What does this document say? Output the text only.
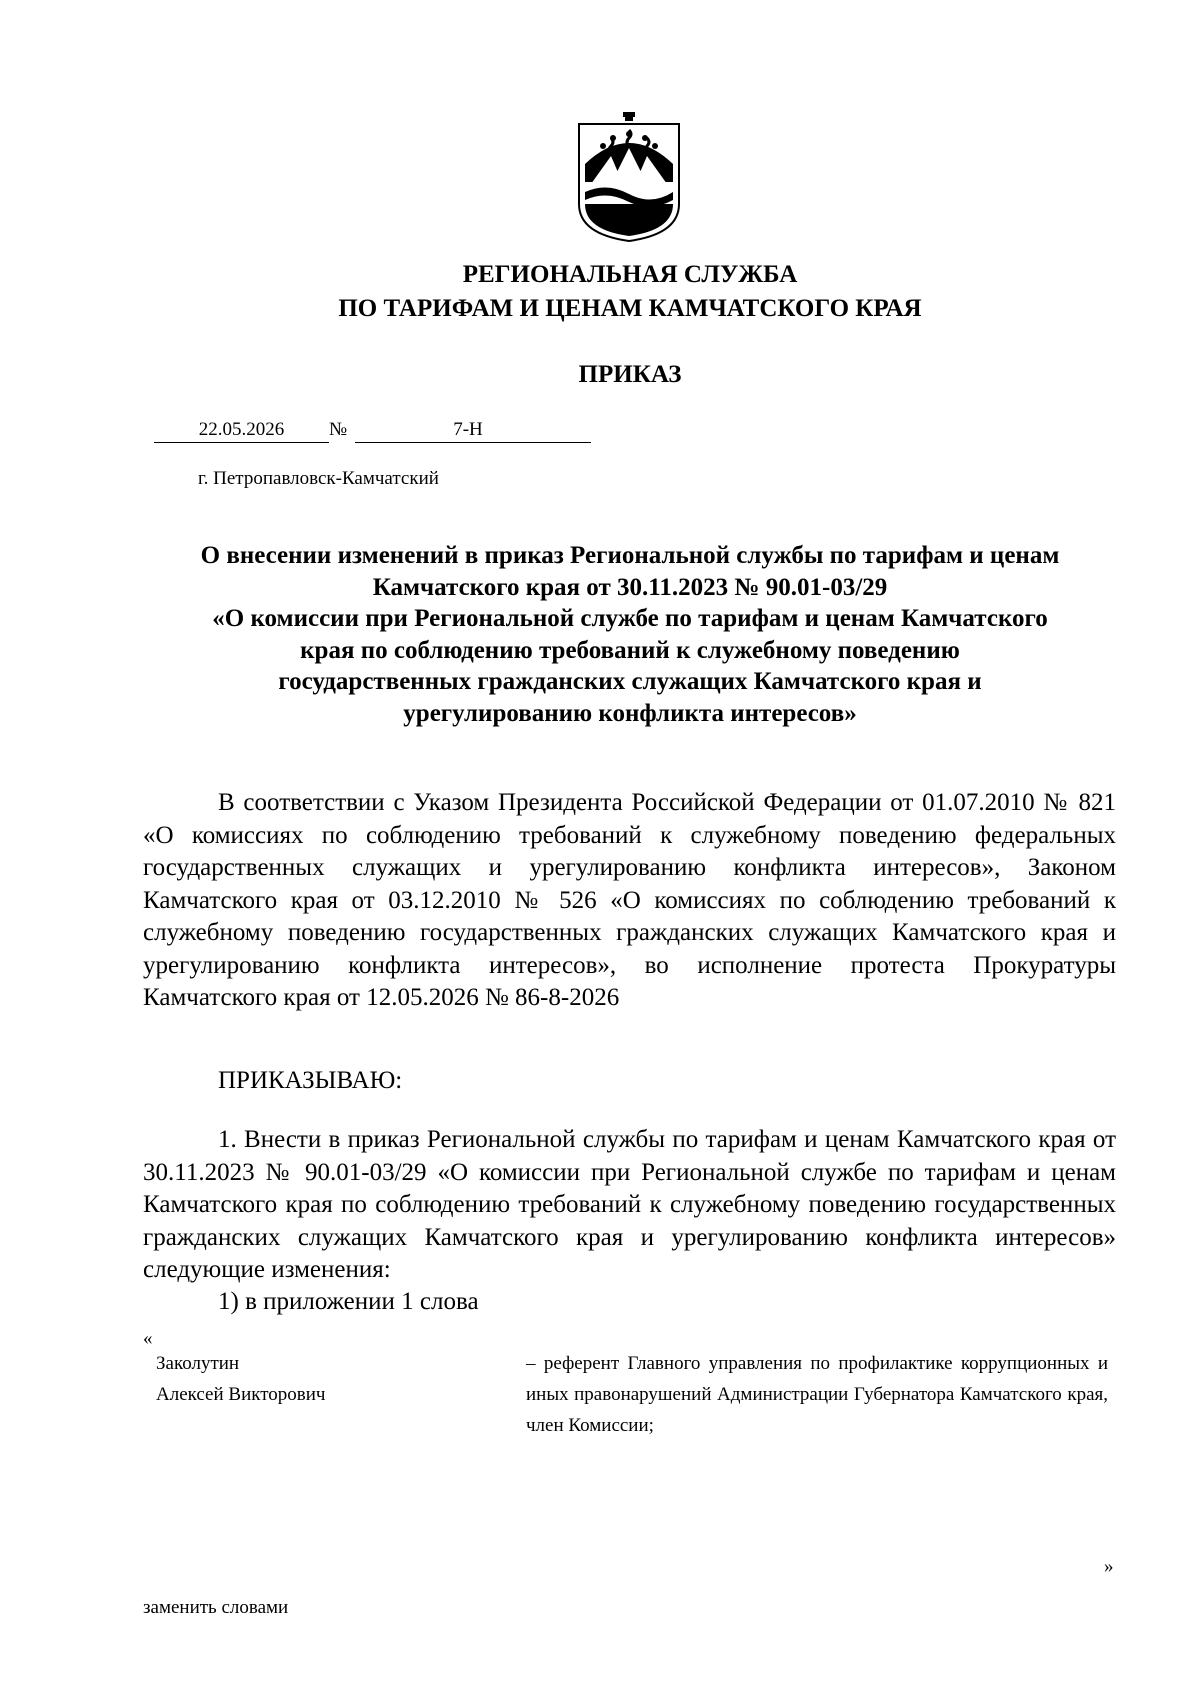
РЕГИОНАЛЬНАЯ СЛУЖБА
ПО ТАРИФАМ И ЦЕНАМ КАМЧАТСКОГО КРАЯ
ПРИКАЗ
22.05.2026 №	7-Н
г. Петропавловск-Камчатский
О внесении изменений в приказ Региональной службы по тарифам и ценам
Камчатского края от 30.11.2023 № 90.01-03/29
«О комиссии при Региональной службе по тарифам и ценам Камчатского
края по соблюдению требований к служебному поведению
государственных гражданских служащих Камчатского края и
урегулированию конфликта интересов»
В соответствии с Указом Президента Российской Федерации от 01.07.2010 № 821 «О комиссиях по соблюдению требований к служебному поведению федеральных государственных служащих и урегулированию конфликта интересов», Законом Камчатского края от 03.12.2010 № 526 «О комиссиях по соблюдению требований к служебному поведению государственных гражданских служащих Камчатского края и урегулированию конфликта интересов», во исполнение протеста Прокуратуры Камчатского края от 12.05.2026 № 86-8-2026
ПРИКАЗЫВАЮ:
1. Внести в приказ Региональной службы по тарифам и ценам Камчатского края от 30.11.2023 № 90.01-03/29 «О комиссии при Региональной службе по тарифам и ценам Камчатского края по соблюдению требований к служебному поведению государственных гражданских служащих Камчатского края и урегулированию конфликта интересов» следующие изменения:
1) в приложении 1 слова
«
Заколутин
Алексей Викторович
– референт Главного управления по профилактике коррупционных и иных правонарушений Администрации Губернатора Камчатского края, член Комиссии;
»
заменить словами
